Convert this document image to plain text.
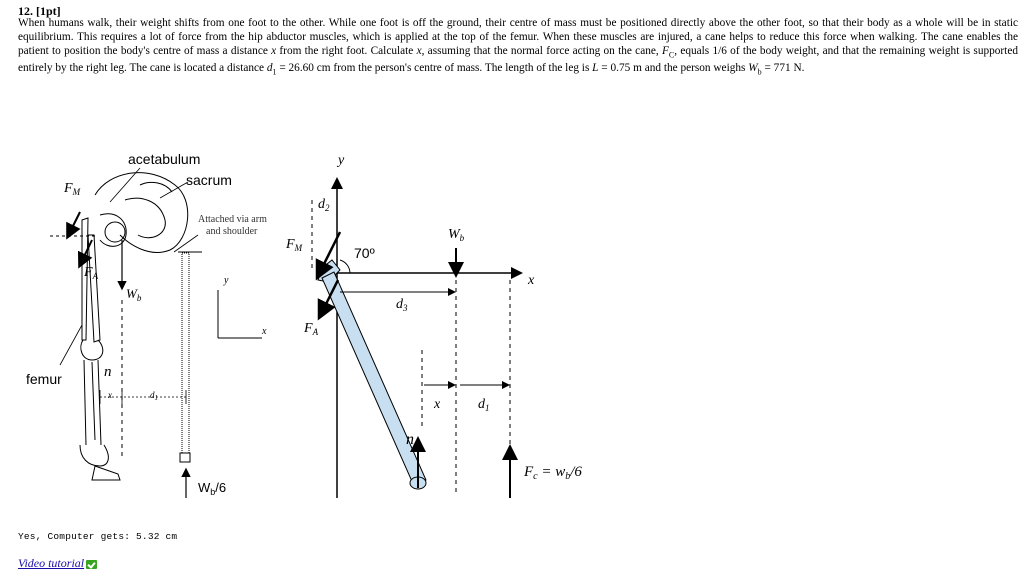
12. [1pt]
When humans walk, their weight shifts from one foot to the other. While one foot is off the ground, their centre of mass must be positioned directly above the other foot, so that their body as a whole will be in static equilibrium. This requires a lot of force from the hip abductor muscles, which is applied at the top of the femur. When these muscles are injured, a cane helps to reduce this force when walking. The cane enables the patient to position the body's centre of mass a distance x from the right foot. Calculate x, assuming that the normal force acting on the cane, $F_C$, equals 1/6 of the body weight, and that the remaining weight is supported entirely by the right leg. The cane is located a distance $d_1 = 26.60$ cm from the person's centre of mass. The length of the leg is L = 0.75 m and the person weighs $W_b = 771$ N.
acetabulum
sacrum
$F_M$
$F_A$
$W_b$
Attached via arm
and shoulder
y
x
femur	n
x	$d_1$
$W_b/6$
y
$d_2$
$F_M$	70º
$W_b$
x
$d_3$
$F_A$
x	$d_1$
n
$F_c = w_b/6$
Yes, Computer gets: 5.32 cm
Video tutorial
